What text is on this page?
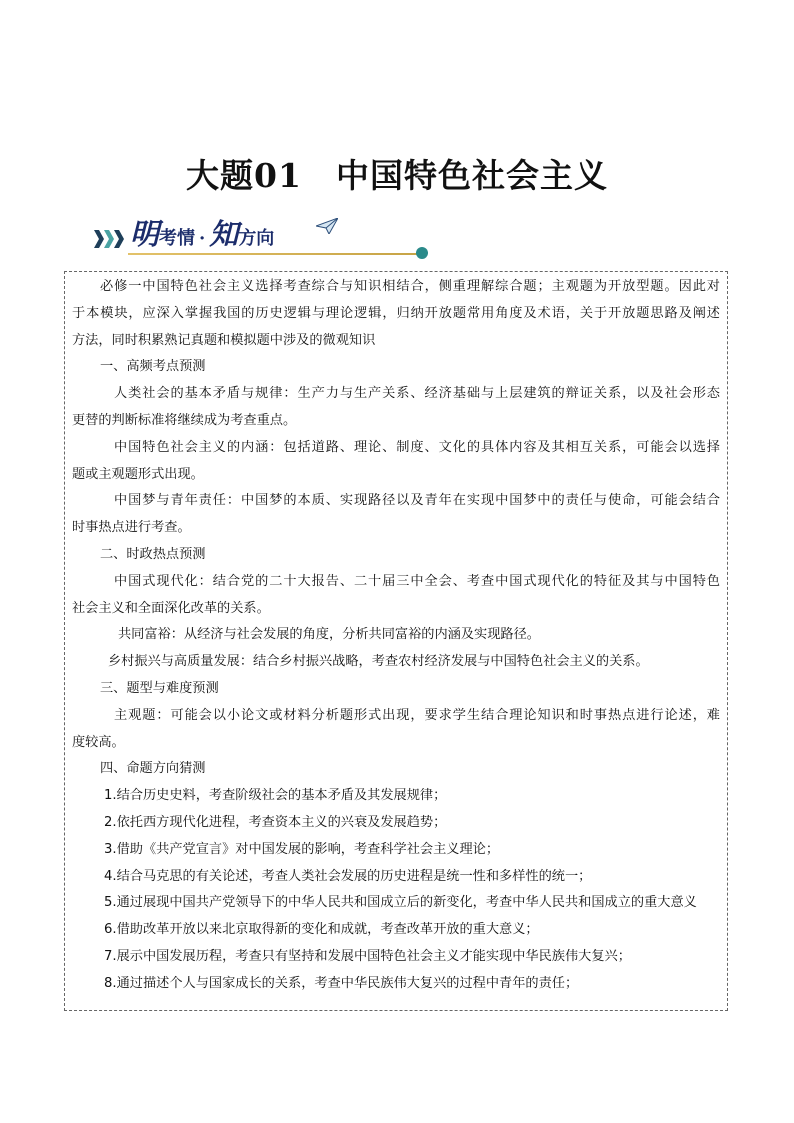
大题01 中国特色社会主义
明考情 · 知方向
必修一中国特色社会主义选择考查综合与知识相结合，侧重理解综合题；主观题为开放型题。因此对
于本模块，应深入掌握我国的历史逻辑与理论逻辑，归纳开放题常用角度及术语，关于开放题思路及阐述
方法，同时积累熟记真题和模拟题中涉及的微观知识
一、高频考点预测
人类社会的基本矛盾与规律：生产力与生产关系、经济基础与上层建筑的辩证关系，以及社会形态
更替的判断标准将继续成为考查重点。
中国特色社会主义的内涵：包括道路、理论、制度、文化的具体内容及其相互关系，可能会以选择
题或主观题形式出现。
中国梦与青年责任：中国梦的本质、实现路径以及青年在实现中国梦中的责任与使命，可能会结合
时事热点进行考查。
二、时政热点预测
中国式现代化：结合党的二十大报告、二十届三中全会、考查中国式现代化的特征及其与中国特色
社会主义和全面深化改革的关系。
共同富裕：从经济与社会发展的角度，分析共同富裕的内涵及实现路径。
乡村振兴与高质量发展：结合乡村振兴战略，考查农村经济发展与中国特色社会主义的关系。
三、题型与难度预测
主观题：可能会以小论文或材料分析题形式出现，要求学生结合理论知识和时事热点进行论述，难
度较高。
四、命题方向猜测
1.结合历史史料，考查阶级社会的基本矛盾及其发展规律；
2.依托西方现代化进程，考查资本主义的兴衰及发展趋势；
3.借助《共产党宣言》对中国发展的影响，考查科学社会主义理论；
4.结合马克思的有关论述，考查人类社会发展的历史进程是统一性和多样性的统一；
5.通过展现中国共产党领导下的中华人民共和国成立后的新变化，考查中华人民共和国成立的重大意义
6.借助改革开放以来北京取得新的变化和成就，考查改革开放的重大意义；
7.展示中国发展历程，考查只有坚持和发展中国特色社会主义才能实现中华民族伟大复兴；
8.通过描述个人与国家成长的关系，考查中华民族伟大复兴的过程中青年的责任；
